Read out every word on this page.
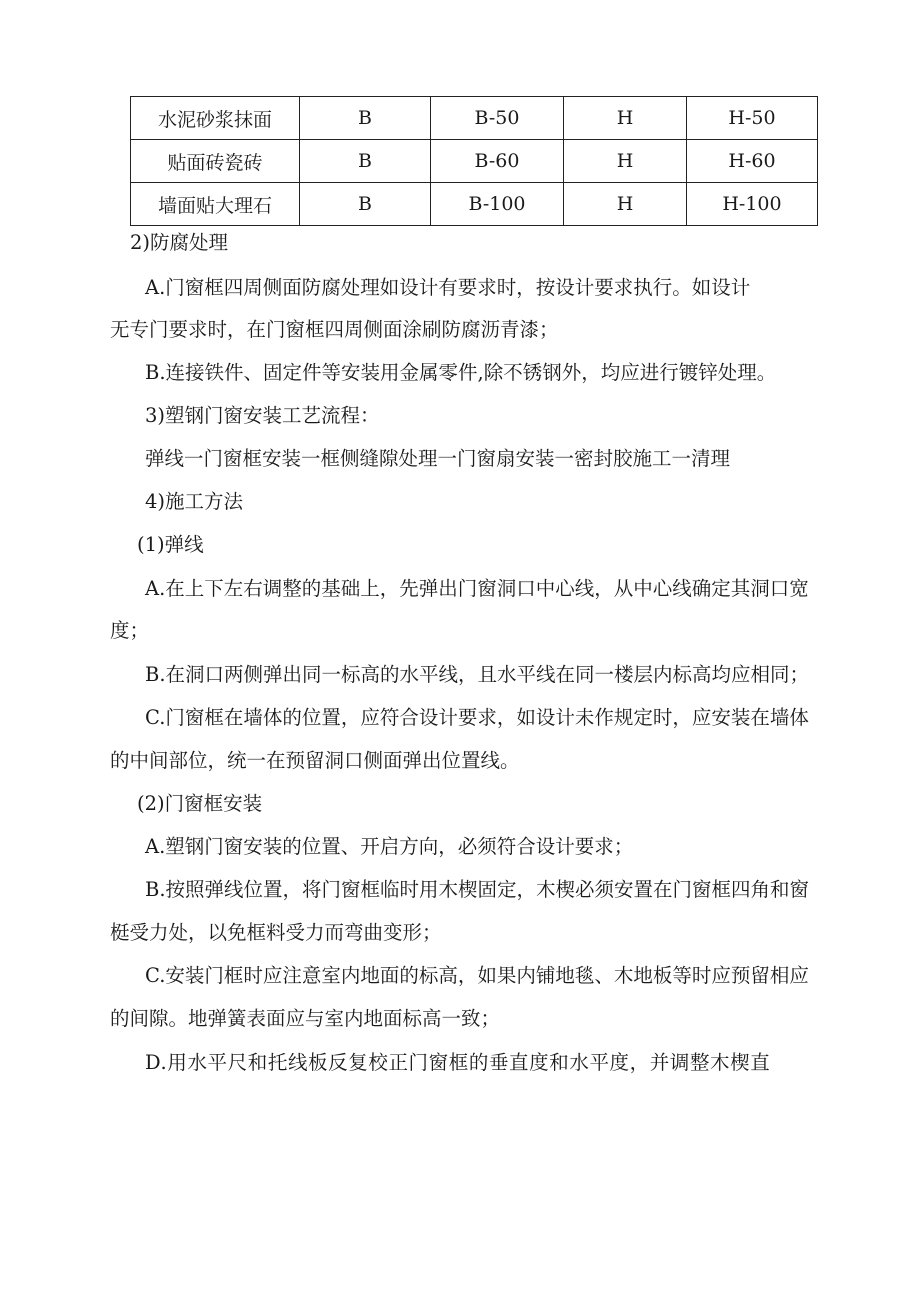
水泥砂浆抹面	B	B-50	H	H-50
贴面砖瓷砖	B	B-60	H	H-60
墙面贴大理石	B	B-100	H	H-100
2)防腐处理
A.门窗框四周侧面防腐处理如设计有要求时，按设计要求执行。如设计
无专门要求时，在门窗框四周侧面涂刷防腐沥青漆；
B.连接铁件、固定件等安装用金属零件,除不锈钢外，均应进行镀锌处理。
3)塑钢门窗安装工艺流程：
弹线一门窗框安装一框侧缝隙处理一门窗扇安装一密封胶施工一清理
4)施工方法
(1)弹线
A.在上下左右调整的基础上，先弹出门窗洞口中心线，从中心线确定其洞口宽
度；
B.在洞口两侧弹出同一标高的水平线，且水平线在同一楼层内标高均应相同；
C.门窗框在墙体的位置，应符合设计要求，如设计未作规定时，应安装在墙体
的中间部位，统一在预留洞口侧面弹出位置线。
(2)门窗框安装
A.塑钢门窗安装的位置、开启方向，必须符合设计要求；
B.按照弹线位置，将门窗框临时用木楔固定，木楔必须安置在门窗框四角和窗
梃受力处，以免框料受力而弯曲变形；
C.安装门框时应注意室内地面的标高，如果内铺地毯、木地板等时应预留相应
的间隙。地弹簧表面应与室内地面标高一致；
D.用水平尺和托线板反复校正门窗框的垂直度和水平度，并调整木楔直
